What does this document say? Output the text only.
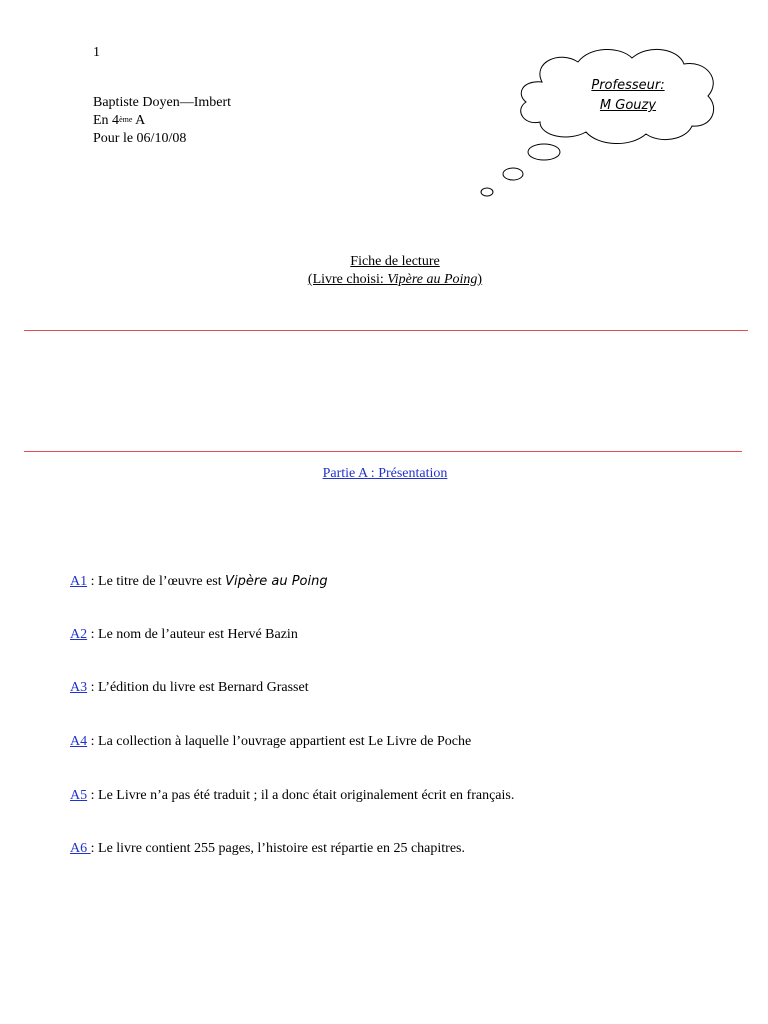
1
Baptiste Doyen—Imbert
En 4ème A
Pour le 06/10/08
Professeur:
M Gouzy
Fiche de lecture
(Livre choisi: Vipère au Poing)
Partie A : Présentation
A1 : Le titre de l’œuvre est Vipère au Poing
A2 : Le nom de l’auteur est Hervé Bazin
A3 : L’édition du livre est Bernard Grasset
A4 : La collection à laquelle l’ouvrage appartient est Le Livre de Poche
A5 : Le Livre n’a pas été traduit ; il a donc était originalement écrit en français.
A6 : Le livre contient 255 pages, l’histoire est répartie en 25 chapitres.
